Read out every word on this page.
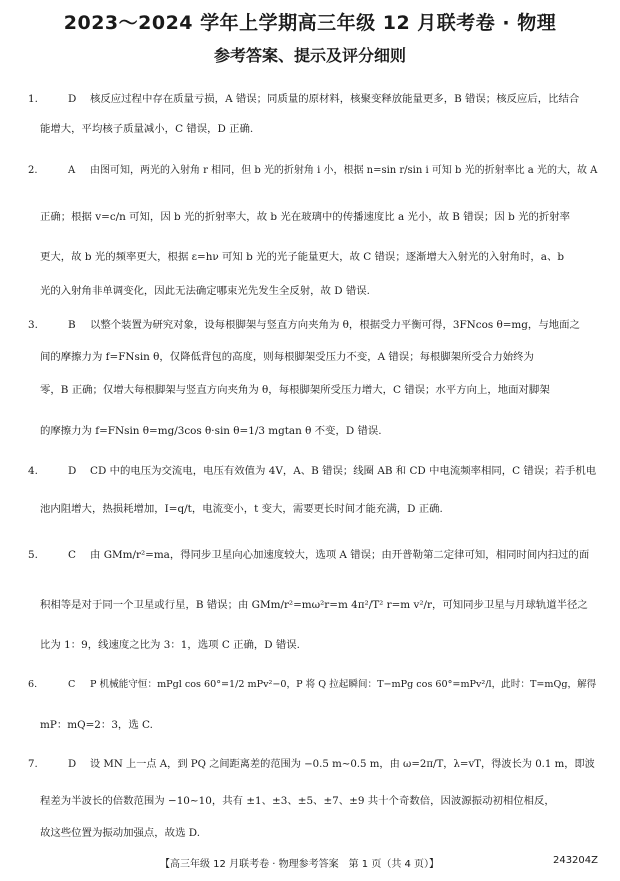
2023～2024 学年上学期高三年级 12 月联考卷 · 物理
参考答案、提示及评分细则
1.	D 核反应过程中存在质量亏损，A 错误；同质量的原材料，核聚变释放能量更多，B 错误；核反应后，比结合
能增大，平均核子质量减小，C 错误，D 正确.
2.	A 由图可知，两光的入射角 r 相同，但 b 光的折射角 i 小，根据 n=sin r/sin i 可知 b 光的折射率比 a 光的大，故 A
正确；根据 v=c/n 可知，因 b 光的折射率大，故 b 光在玻璃中的传播速度比 a 光小，故 B 错误；因 b 光的折射率
更大，故 b 光的频率更大，根据 ε=hν 可知 b 光的光子能量更大，故 C 错误；逐渐增大入射光的入射角时，a、b
光的入射角非单调变化，因此无法确定哪束光先发生全反射，故 D 错误.
3.	B 以整个装置为研究对象，设每根脚架与竖直方向夹角为 θ，根据受力平衡可得，3FNcos θ=mg，与地面之
间的摩擦力为 f=FNsin θ，仅降低背包的高度，则每根脚架受压力不变，A 错误；每根脚架所受合力始终为
零，B 正确；仅增大每根脚架与竖直方向夹角为 θ，每根脚架所受压力增大，C 错误；水平方向上，地面对脚架
的摩擦力为 f=FNsin θ=mg/3cos θ·sin θ=1/3 mgtan θ 不变，D 错误.
4.	D CD 中的电压为交流电，电压有效值为 4V，A、B 错误；线圈 AB 和 CD 中电流频率相同，C 错误；若手机电
池内阻增大，热损耗增加，I=q/t，电流变小，t 变大，需要更长时间才能充满，D 正确.
5.	C 由 GMm/r²=ma，得同步卫星向心加速度较大，选项 A 错误；由开普勒第二定律可知，相同时间内扫过的面
积相等是对于同一个卫星或行星，B 错误；由 GMm/r²=mω²r=m 4π²/T² r=m v²/r，可知同步卫星与月球轨道半径之
比为 1：9，线速度之比为 3：1，选项 C 正确，D 错误.
6.	C P 机械能守恒：mPgl cos 60°=1/2 mPv²−0，P 将 Q 拉起瞬间：T−mPg cos 60°=mPv²/l，此时：T=mQg，解得
mP：mQ=2：3，选 C.
7.	D 设 MN 上一点 A，到 PQ 之间距离差的范围为 −0.5 m∼0.5 m，由 ω=2π/T，λ=vT，得波长为 0.1 m，即波
程差为半波长的倍数范围为 −10∼10，共有 ±1、±3、±5、±7、±9 共十个奇数倍，因波源振动初相位相反，
故这些位置为振动加强点，故选 D.
【高三年级 12 月联考卷 · 物理参考答案　第 1 页（共 4 页）】	243204Z
